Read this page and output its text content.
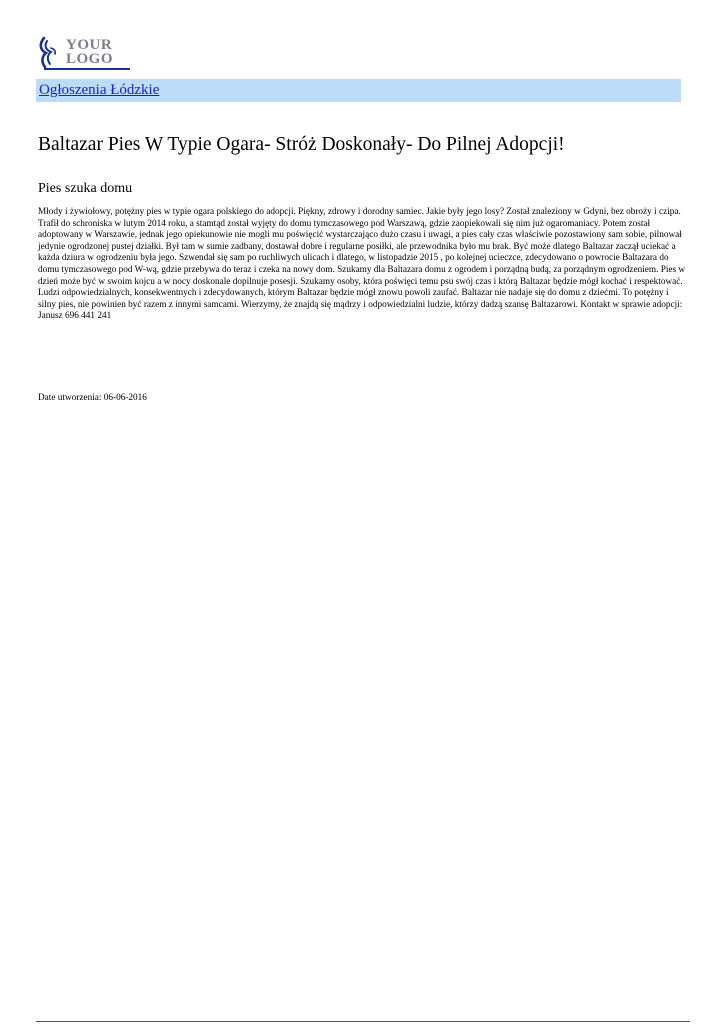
YOUR
LOGO
Ogłoszenia Łódzkie
Baltazar Pies W Typie Ogara- Stróż Doskonały- Do Pilnej Adopcji!
Pies szuka domu

Młody i żywiołowy, potężny pies w typie ogara polskiego do adopcji. Piękny, zdrowy i dorodny samiec. Jakie były jego losy? Został znaleziony w Gdyni, bez obroży i czipa. Trafił do schroniska w lutym 2014 roku, a stamtąd został wyjęty do domu tymczasowego pod Warszawą, gdzie zaopiekowali się nim już ogaromaniacy. Potem został adoptowany w Warszawie, jednak jego opiekunowie nie mogli mu poświęcić wystarczająco dużo czasu i uwagi, a pies cały czas właściwie pozostawiony sam sobie, pilnował jedynie ogrodzonej pustej działki. Był tam w sumie zadbany, dostawał dobre i regularne posiłki, ale przewodnika było mu brak. Być może dlatego Baltazar zaczął uciekać a każda dziura w ogrodzeniu była jego. Szwendał się sam po ruchliwych ulicach i dlatego, w listopadzie 2015 , po kolejnej ucieczce, zdecydowano o powrocie Baltazara do domu tymczasowego pod W-wą, gdzie przebywa do teraz i czeka na nowy dom. Szukamy dla Baltazara domu z ogrodem i porządną budą, za porządnym ogrodzeniem. Pies w dzień może być w swoim kojcu a w nocy doskonale dopilnuje posesji. Szukamy osoby, która poświęci temu psu swój czas i którą Baltazar będzie mógł kochać i respektować. Ludzi odpowiedzialnych, konsekwentnych i zdecydowanych, którym Baltazar będzie mógł znowu powoli zaufać. Baltazar nie nadaje się do domu z dziećmi. To potężny i silny pies, nie powinien być razem z innymi samcami. Wierzymy, że znajdą się mądrzy i odpowiedzialni ludzie, którzy dadzą szansę Baltazarowi. Kontakt w sprawie adopcji: Janusz 696 441 241

Date utworzenia: 06-06-2016
